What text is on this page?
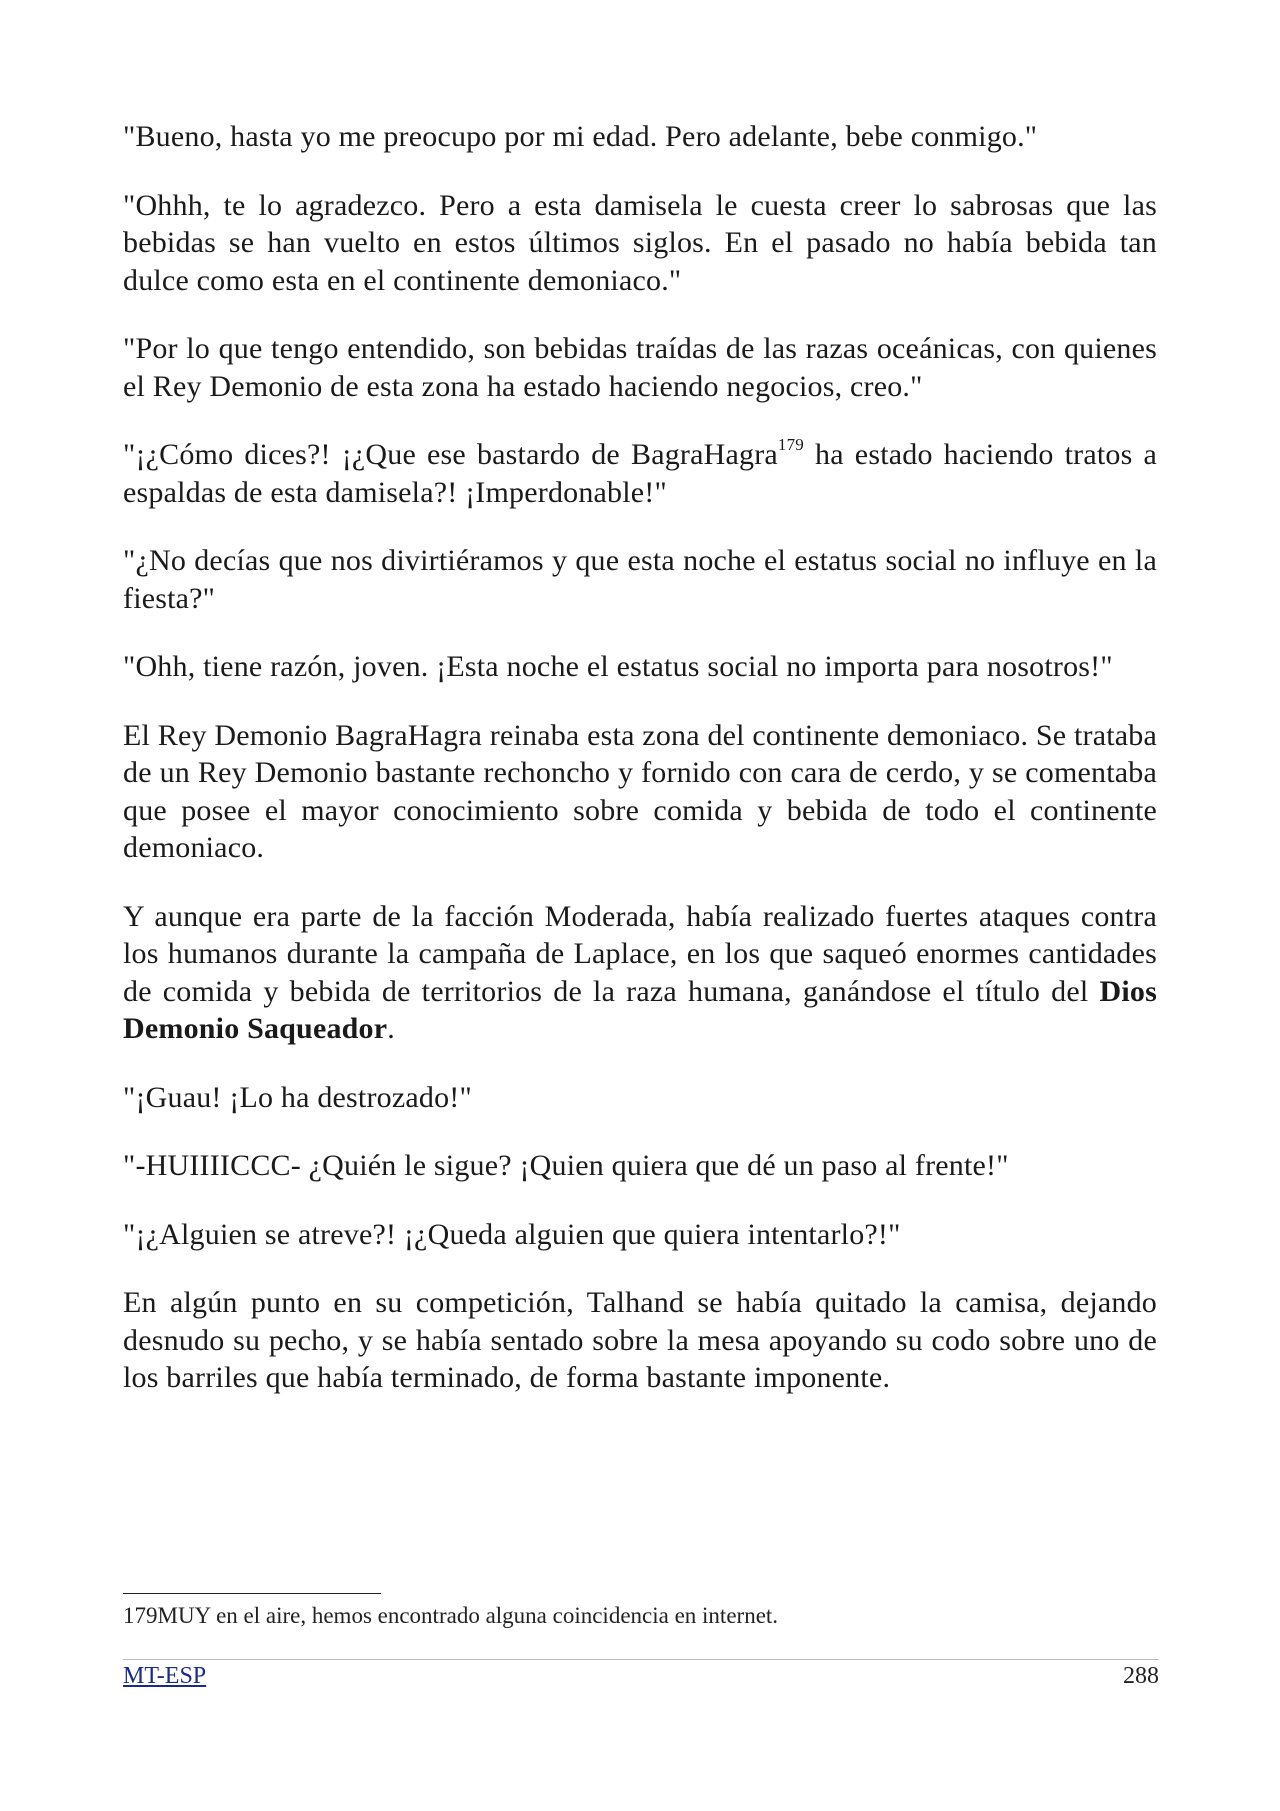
"Bueno, hasta yo me preocupo por mi edad. Pero adelante, bebe conmigo."

"Ohhh, te lo agradezco. Pero a esta damisela le cuesta creer lo sabrosas que las bebidas se han vuelto en estos últimos siglos. En el pasado no había bebida tan dulce como esta en el continente demoniaco."

"Por lo que tengo entendido, son bebidas traídas de las razas oceánicas, con quienes el Rey Demonio de esta zona ha estado haciendo negocios, creo."

"¡¿Cómo dices?! ¡¿Que ese bastardo de BagraHagra$^{179}$ ha estado haciendo tratos a espaldas de esta damisela?! ¡Imperdonable!"

"¿No decías que nos divirtiéramos y que esta noche el estatus social no influye en la fiesta?"

"Ohh, tiene razón, joven. ¡Esta noche el estatus social no importa para nosotros!"

El Rey Demonio BagraHagra reinaba esta zona del continente demoniaco. Se trataba de un Rey Demonio bastante rechoncho y fornido con cara de cerdo, y se comentaba que posee el mayor conocimiento sobre comida y bebida de todo el continente demoniaco.

Y aunque era parte de la facción Moderada, había realizado fuertes ataques contra los humanos durante la campaña de Laplace, en los que saqueó enormes cantidades de comida y bebida de territorios de la raza humana, ganándose el título del Dios Demonio Saqueador.

"¡Guau! ¡Lo ha destrozado!"

"-HUIIIICCC- ¿Quién le sigue? ¡Quien quiera que dé un paso al frente!"

"¡¿Alguien se atreve?! ¡¿Queda alguien que quiera intentarlo?!"

En algún punto en su competición, Talhand se había quitado la camisa, dejando desnudo su pecho, y se había sentado sobre la mesa apoyando su codo sobre uno de los barriles que había terminado, de forma bastante imponente.

179MUY en el aire, hemos encontrado alguna coincidencia en internet.
MT-ESP	288
